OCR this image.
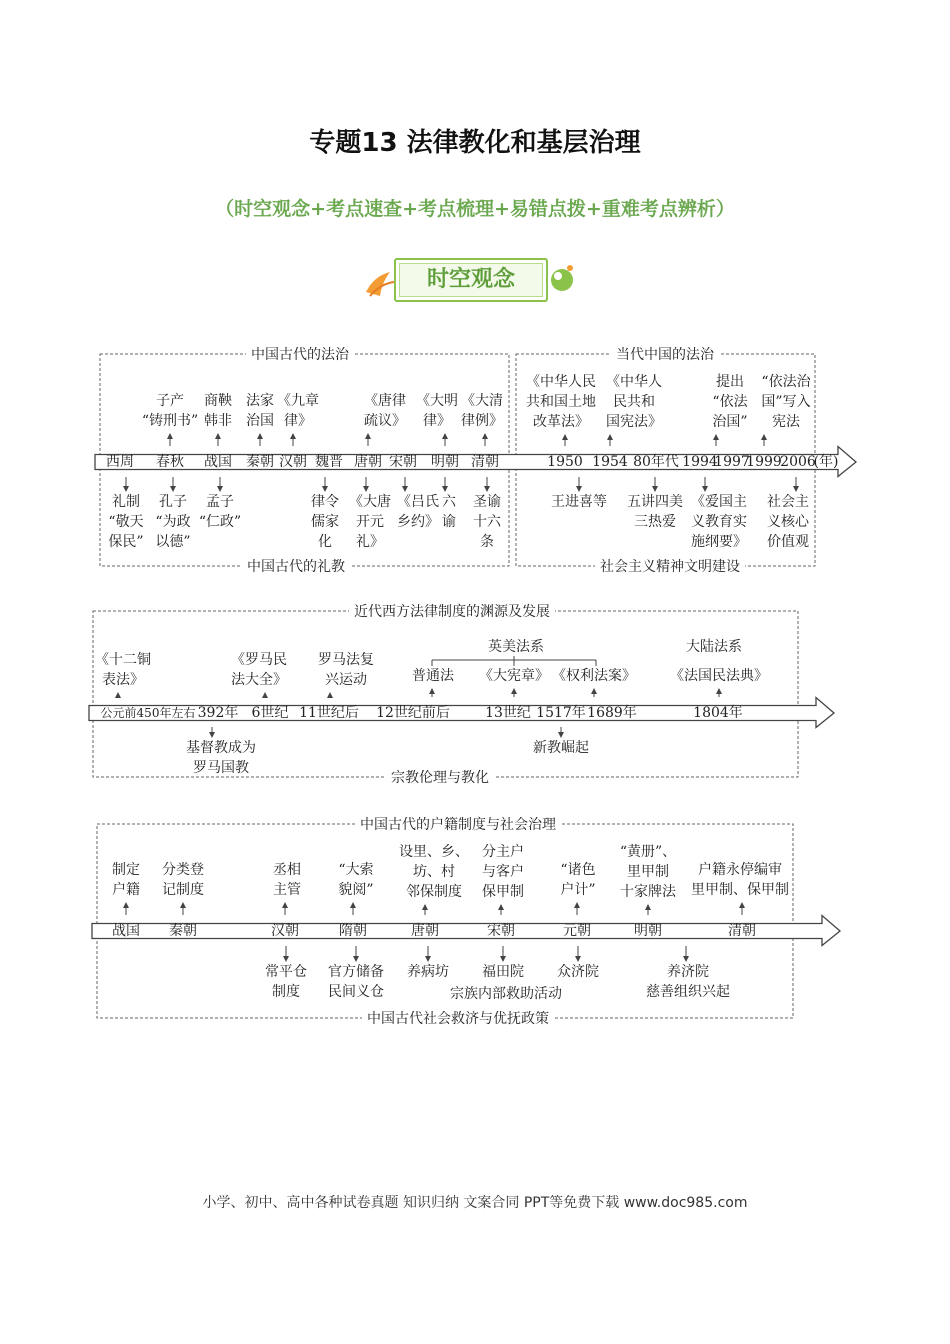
专题13 法律教化和基层治理
（时空观念+考点速查+考点梳理+易错点拨+重难考点辨析）
时空观念
中国古代的法治	当代中国的法治
中国古代的礼教	社会主义精神文明建设
西周 春秋 战国 秦朝 汉朝 魏晋 唐朝 宋朝 明朝 清朝	1950 1954 80年代 1994
1997
1999
2006
(年)
子产
“铸刑书”
商鞅
韩非
法家
治国
《九章
律》
《唐律
疏议》
《大明
律》
《大清
律例》
《中华人民
共和国土地
改革法》
《中华人
民共和
国宪法》
提出
“依法
治国”
“依法治
国”写入
宪法
礼制
“敬天
保民”
孔子
“为政
以德”
孟子
“仁政”
律令
儒家
化
《大唐
开元
礼》
《吕氏
乡约》
六
谕
圣谕
十六
条
王进喜等 五讲四美
三热爱
《爱国主
义教育实
施纲要》
社会主
义核心
价值观
近代西方法律制度的渊源及发展
宗教伦理与教化
英美法系	大陆法系
公元前450年左右 392年 6世纪 11世纪后 12世纪前后	13世纪 1517年 1689年	1804年
《十二铜
表法》
《罗马民
法大全》
罗马法复
兴运动	普通法 《大宪章》 《权利法案》 《法国民法典》
基督教成为
罗马国教
新教崛起
中国古代的户籍制度与社会治理
中国古代社会救济与优抚政策
战国 秦朝	汉朝	隋朝	唐朝	宋朝	元朝	明朝	清朝
制定
户籍
分类登
记制度
丞相
主管
“大索
貌阅”
设里、乡、
坊、村
邻保制度
分主户
与客户
保甲制
“诸色
户计”
“黄册”、
里甲制
十家牌法
户籍永停编审
里甲制、保甲制
常平仓
制度
官方储备
民间义仓
养病坊 福田院 众济院	养济院
慈善组织兴起
宗族内部救助活动
小学、初中、高中各种试卷真题 知识归纳 文案合同 PPT等免费下载 www.doc985.com
